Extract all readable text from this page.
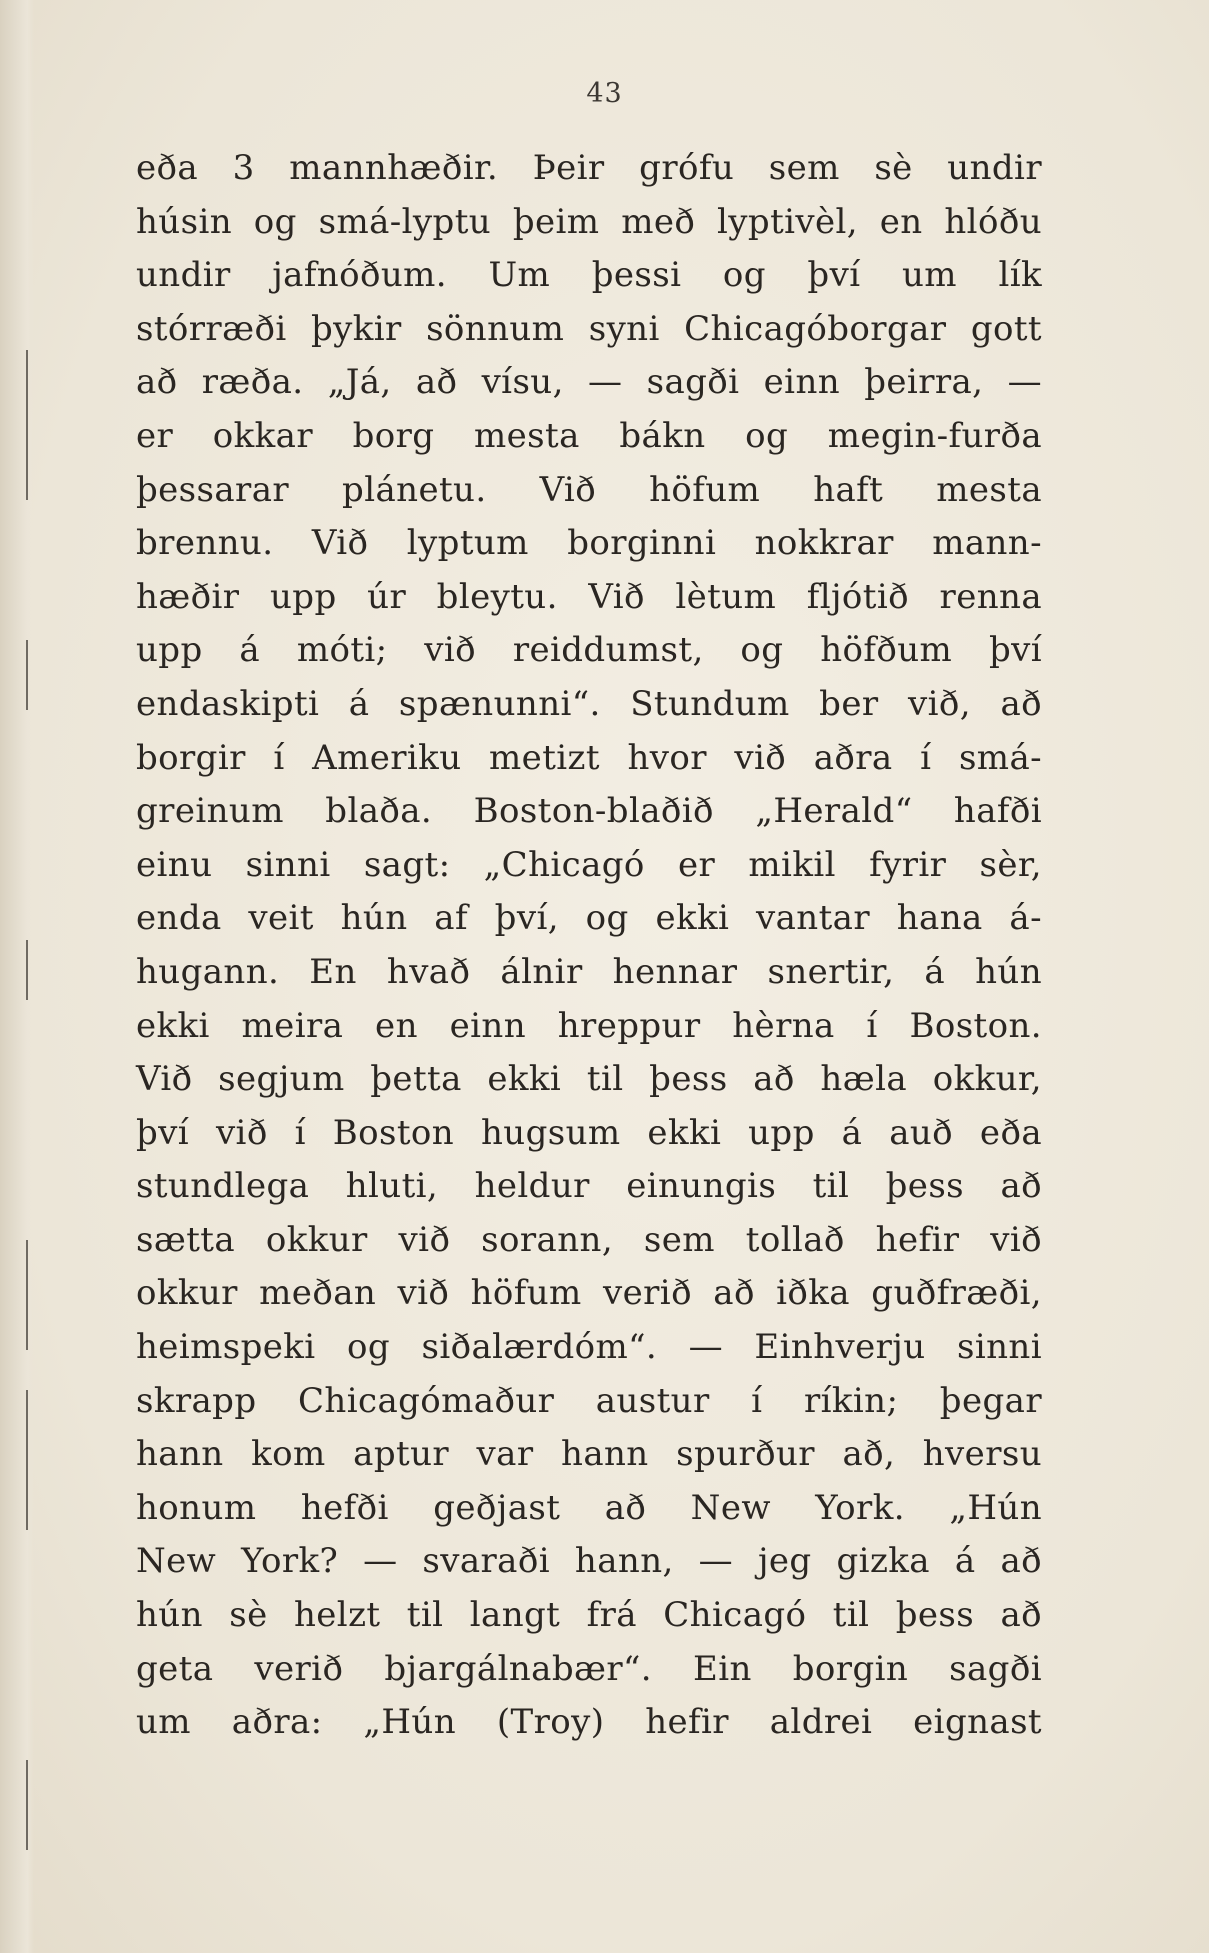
43
eða 3 mannhæðir. Þeir grófu sem sè undir
húsin og smá-lyptu þeim með lyptivèl, en hlóðu
undir jafnóðum. Um þessi og því um lík
stórræði þykir sönnum syni Chicagóborgar gott
að ræða. „Já, að vísu, — sagði einn þeirra, —
er okkar borg mesta bákn og megin-furða
þessarar plánetu. Við höfum haft mesta
brennu. Við lyptum borginni nokkrar mann-
hæðir upp úr bleytu. Við lètum fljótið renna
upp á móti; við reiddumst, og höfðum því
endaskipti á spænunni“. Stundum ber við, að
borgir í Ameriku metizt hvor við aðra í smá-
greinum blaða. Boston-blaðið „Herald“ hafði
einu sinni sagt: „Chicagó er mikil fyrir sèr,
enda veit hún af því, og ekki vantar hana á-
hugann. En hvað álnir hennar snertir, á hún
ekki meira en einn hreppur hèrna í Boston.
Við segjum þetta ekki til þess að hæla okkur,
því við í Boston hugsum ekki upp á auð eða
stundlega hluti, heldur einungis til þess að
sætta okkur við sorann, sem tollað hefir við
okkur meðan við höfum verið að iðka guðfræði,
heimspeki og siðalærdóm“. — Einhverju sinni
skrapp Chicagómaður austur í ríkin; þegar
hann kom aptur var hann spurður að, hversu
honum hefði geðjast að New York. „Hún
New York? — svaraði hann, — jeg gizka á að
hún sè helzt til langt frá Chicagó til þess að
geta verið bjargálnabær“. Ein borgin sagði
um aðra: „Hún (Troy) hefir aldrei eignast
